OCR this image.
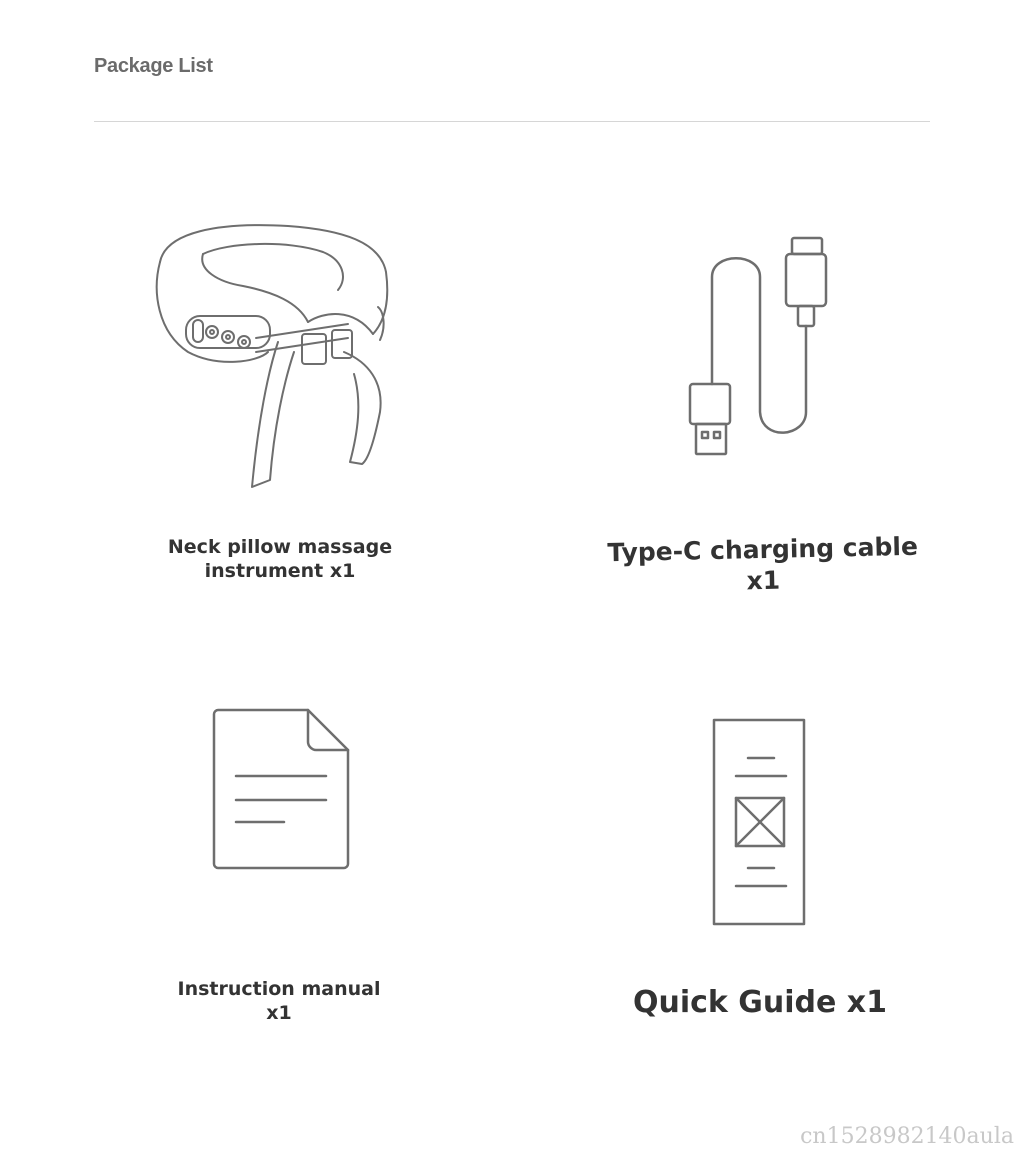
Package List
Neck pillow massage instrument x1
Type-C charging cable x1
Instruction manual x1	Quick Guide x1
cn1528982140aula
